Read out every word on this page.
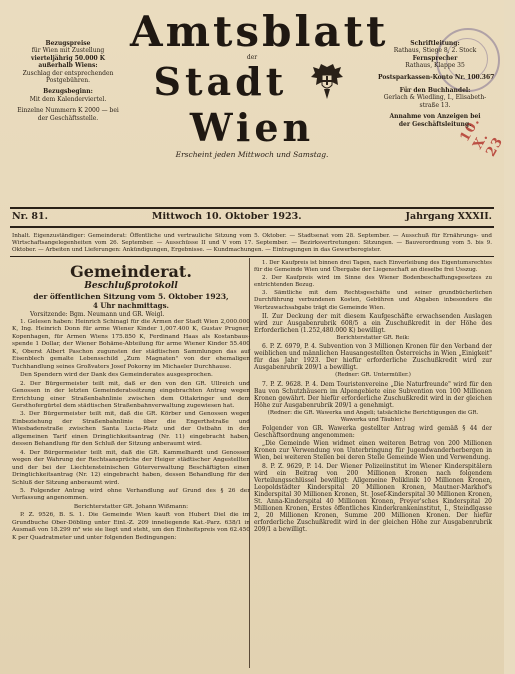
10. X. 23
Bezugspreise
für Wien mit Zustellung
vierteljährig 50.000 K
außerhalb Wiens:
Zuschlag der entsprechenden
Postgebühren.
Bezugsbeginn:
Mit dem Kalenderviertel.
Einzelne Nummern K 2000 — bei
der Geschäftsstelle.
Amtsblatt
der
Stadt  Wien
Erscheint jeden Mittwoch und Samstag.
Schriftleitung:
Rathaus, Stiege 8, 2. Stock
Fernsprecher
Rathaus, Klappe 35
Postsparkassen-Konto Nr. 100.367
Für den Buchhandel:
Gerlach & Wiedling, I., Elisabeth-
straße 13.
Annahme von Anzeigen bei
der Geschäftsleitung.
Nr. 81.	Mittwoch 10. Oktober 1923.	Jahrgang XXXII.
Inhalt. Eigenzuständiger: Gemeinderat: Öffentliche und vertrauliche Sitzung vom 5. Oktober. — Stadtsenat vom 28. September. — Ausschuß für Ernährungs- und Wirtschaftsangelegenheiten vom 26. September. — Ausschüsse II und V vom 17. September. — Bezirksvertretungen: Sitzungen. — Bauverordnung vom 5. bis 9. Oktober. — Arbeiten und Lieferungen: Ankündigungen, Ergebnisse. — Kundmachungen. — Eintragungen in das Gewerberegister.
Gemeinderat.
Beschlußprotokoll
der öffentlichen Sitzung vom 5. Oktober 1923,
4 Uhr nachmittags.
Vorsitzende: Bgm. Neumann und GR. Weigl.

1. Gelesen haben: Heinrich Schinagl für die Armen der Stadt Wien 2,000.000 K, Ing. Heinrich Donn für arme Wiener Kinder 1,007.400 K, Gustav Prugner, Kopenhagen, für Armen Wiens 175.850 K, Ferdinand Haas als Kostanbaus-spende 1 Dollar, der Wiener Bohäme-Abteilung für arme Wiener Kinder 55.400 K, Oberst Albert Paschon zugunsten der städtischen Sammlungen das auf Eisenblech gemalte Lebensschild „Zum Magnaten" von der ehemaligen Tuchhandlung seines Großvaters Josef Pokorny im Michaeler Durchhause.

Den Spendern wird der Dank des Gemeinderates ausgesprochen.

2. Der Bürgermeister teilt mit, daß er den von den GR. Ullreich und Genossen in der letzten Gemeinderatssitzung eingebrachten Antrag wegen Errichtung einer Straßenbahnlinie zwischen dem Ottakringer und dem Gersthofergürtel dem städtischen Straßenbahnverwaltung zugewiesen hat.

3. Der Bürgermeister teilt mit, daß die GR. Körber und Genossen wegen Einbeziehung der Straßenbahnlinie über die Engerthstraße und Wiesbadenstraße zwischen Santa Lucia-Platz und der Ostbahn in den allgemeinen Tarif einen Dringlichkeitsantrag (Nr. 11) eingebracht haben, dessen Behandlung für den Schluß der Sitzung anberaumt wird.

4. Der Bürgermeister teilt mit, daß die GR. Kammelhardt und Genossen wegen der Wahrung der Rechtsansprüche der Heiger städtischer Angestellten und der bei der Liechtensteinischen Güterverwaltung Beschäftigten einen Dringlichkeitsantrag (Nr. 12) eingebracht haben, dessen Behandlung für den Schluß der Sitzung anberaumt wird.

5. Folgender Antrag wird ohne Verhandlung auf Grund des § 26 der Verfassung angenommen.

Berichterstatter GR. Johann Wißmann:

P. Z. 9526, B. S. 1. Die Gemeinde Wien kauft von Hubert Diel die im Grundbuche Ober-Döbling unter Einl.-Z. 209 inneliegende Kat.-Parz. 638/1 in Ausmaß von 18.299 m² wie sie liegt und steht, um den Einheitspreis von 62.450 K per Quadratmeter und unter folgenden Bedingungen:

1. Der Kaufpreis ist binnen drei Tagen, nach Einverleibung des Eigentumsrechtes für die Gemeinde Wien und Übergabe der Liegenschaft an dieselbe frei Usszug.

2. Der Kaufpreis wird im Sinne des Wiener Bodenbeschaffungsgesetzes zu entrichtenden Bezug.

3. Sämtliche mit dem Rechtsgeschäfte und seiner grundbücherlichen Durchführung verbundenen Kosten, Gebühren und Abgaben inbesondere die Wertzuwachsabgabe trägt die Gemeinde Wien.

II. Zur Deckung der mit diesem Kaufgeschäfte erwachsenden Auslagen wird zur Ausgabenrubrik 608/5 a ein Zuschußkredit in der Höhe des Erforderlichen (1.252,480.000 K) bewilligt.

Berichterstatter GR. Reik:

6. P. Z. 6979, P. 4. Subvention von 3 Millionen Kronen für den Verband der weiblichen und männlichen Hausangestellten Österreichs in Wien „Einigkeit" für das Jahr 1923. Der hiefür erforderliche Zuschußkredit wird zur Ausgabenrubrik 209/1 a bewilligt.

(Redner: GR. Untermüller.)

7. P. Z. 9628. P. 4. Dem Touristenvereine „Die Naturfreunde" wird für den Bau von Schutzhäusern im Alpengebiete eine Subvention von 100 Millionen Kronen gewährt. Der hiefür erforderliche Zuschußkredit wird in der gleichen Höhe zur Ausgabenrubrik 209/1 a genehmigt.

(Redner: die GR. Wawerka und Angeli; tatsächliche Berichtigungen die GR. Wawerka und Täubler.)

Folgender von GR. Wawerka gestellter Antrag wird gemäß § 44 der Geschäftsordnung angenommen:

„Die Gemeinde Wien widmet einen weiteren Betrag von 200 Millionen Kronen zur Verwendung von Unterbringung für Jugendwanderherbergen in Wien, bei weiteren Stellen bei deren Stelle Gemeinde Wien und Verwendung.

8. P. Z. 9629, P. 14. Der Wiener Polizeiinstitut im Wiener Kinderspitälern wird ein Beitrag von 200 Millionen Kronen nach folgendem Verteilungsschlüssel bewilligt: Allgemeine Poliklinik 10 Millionen Kronen, Leopoldstädter Kinderspital 20 Millionen Kronen, Mautner-Markhof's Kinderspital 30 Millionen Kronen, St. Josef-Kinderspital 30 Millionen Kronen, St. Anna-Kinderspital 40 Millionen Kronen, Preyer'sches Kinderspital 20 Millionen Kronen, Erstes öffentliches Kinderkrankeninstitut, I., Steindlgasse 2, 20 Millionen Kronen, Summe 200 Millionen Kronen. Der hiefür erforderliche Zuschußkredit wird in der gleichen Höhe zur Ausgabenrubrik 209/1 a bewilligt.
